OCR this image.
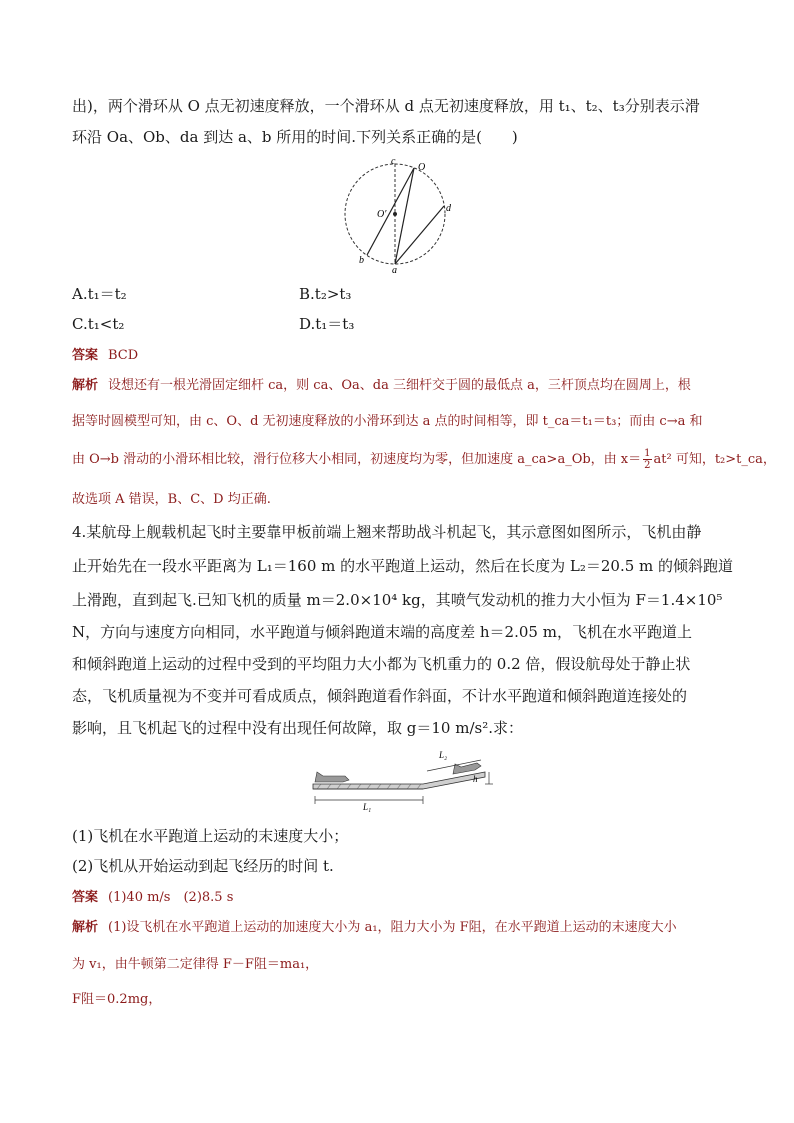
出)，两个滑环从 O 点无初速度释放，一个滑环从 d 点无初速度释放，用 t₁、t₂、t₃分别表示滑
环沿 Oa、Ob、da 到达 a、b 所用的时间.下列关系正确的是(　　)
c
O
O′
d
b
a
A.t₁＝t₂	B.t₂>t₃
C.t₁<t₂	D.t₁＝t₃
答案 BCD
解析 设想还有一根光滑固定细杆 ca，则 ca、Oa、da 三细杆交于圆的最低点 a，三杆顶点均在圆周上，根
据等时圆模型可知，由 c、O、d 无初速度释放的小滑环到达 a 点的时间相等，即 t_ca＝t₁＝t₃；而由 c→a 和
由 O→b 滑动的小滑环相比较，滑行位移大小相同，初速度均为零，但加速度 a_ca>a_Ob，由 $x= \frac{1}{2} at^2$ 可知，t₂>t_ca，
故选项 A 错误，B、C、D 均正确.
4.某航母上舰载机起飞时主要靠甲板前端上翘来帮助战斗机起飞，其示意图如图所示，飞机由静
止开始先在一段水平距离为 L₁＝160 m 的水平跑道上运动，然后在长度为 L₂＝20.5 m 的倾斜跑道
上滑跑，直到起飞.已知飞机的质量 m＝2.0×10⁴ kg，其喷气发动机的推力大小恒为 F＝1.4×10⁵
N，方向与速度方向相同，水平跑道与倾斜跑道末端的高度差 h＝2.05 m，飞机在水平跑道上
和倾斜跑道上运动的过程中受到的平均阻力大小都为飞机重力的 0.2 倍，假设航母处于静止状
态，飞机质量视为不变并可看成质点，倾斜跑道看作斜面，不计水平跑道和倾斜跑道连接处的
影响，且飞机起飞的过程中没有出现任何故障，取 g＝10 m/s².求：
L₁
L₂
h
(1)飞机在水平跑道上运动的末速度大小；
(2)飞机从开始运动到起飞经历的时间 t.
答案 (1)40 m/s　(2)8.5 s
解析 (1)设飞机在水平跑道上运动的加速度大小为 a₁，阻力大小为 F阻，在水平跑道上运动的末速度大小
为 v₁，由牛顿第二定律得 F－F阻＝ma₁，
F阻＝0.2mg，
